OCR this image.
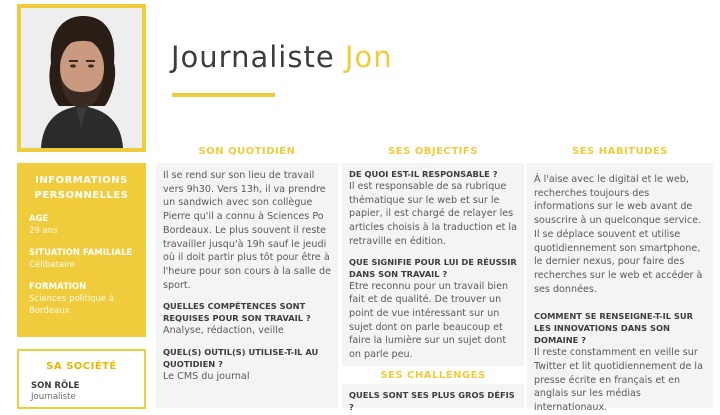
Journaliste Jon
INFORMATIONS PERSONNELLES
AGE
29 ans
SITUATION FAMILIALE
Célibataire
FORMATION
Sciences politique à Bordeaux
SA SOCIÉTÉ
SON RÔLE
Journaliste
SON QUOTIDIEN
Il se rend sur son lieu de travail vers 9h30. Vers 13h, il va prendre un sandwich avec son collègue Pierre qu'il a connu à Sciences Po Bordeaux. Le plus souvent il reste travailler jusqu'à 19h sauf le jeudi où il doit partir plus tôt pour être à l'heure pour son cours à la salle de sport.
QUELLES COMPÉTENCES SONT REQUISES POUR SON TRAVAIL ?
Analyse, rédaction, veille
QUEL(S) OUTIL(S) UTILISE-T-IL AU QUOTIDIEN ?
Le CMS du journal
SES OBJECTIFS
DE QUOI EST-IL RESPONSABLE ?
Il est responsable de sa rubrique thématique sur le web et sur le papier, il est chargé de relayer les articles choisis à la traduction et la retraville en édition.
QUE SIGNIFIE POUR LUI DE RÉUSSIR DANS SON TRAVAIL ?
Etre reconnu pour un travail bien fait et de qualité. De trouver un point de vue intéressant sur un sujet dont on parle beaucoup et faire la lumière sur un sujet dont on parle peu.
SES CHALLENGES
QUELS SONT SES PLUS GROS DÉFIS ?
SES HABITUDES
À l'aise avec le digital et le web, recherches toujours des informations sur le web avant de souscrire à un quelconque service. Il se déplace souvent et utilise quotidiennement son smartphone, le dernier nexus, pour faire des recherches sur le web et accéder à ses données.
COMMENT SE RENSEIGNE-T-IL SUR LES INNOVATIONS DANS SON DOMAINE ?
Il reste constamment en veille sur Twitter et lit quotidiennement de la presse écrite en français et en anglais sur les médias internationaux.
